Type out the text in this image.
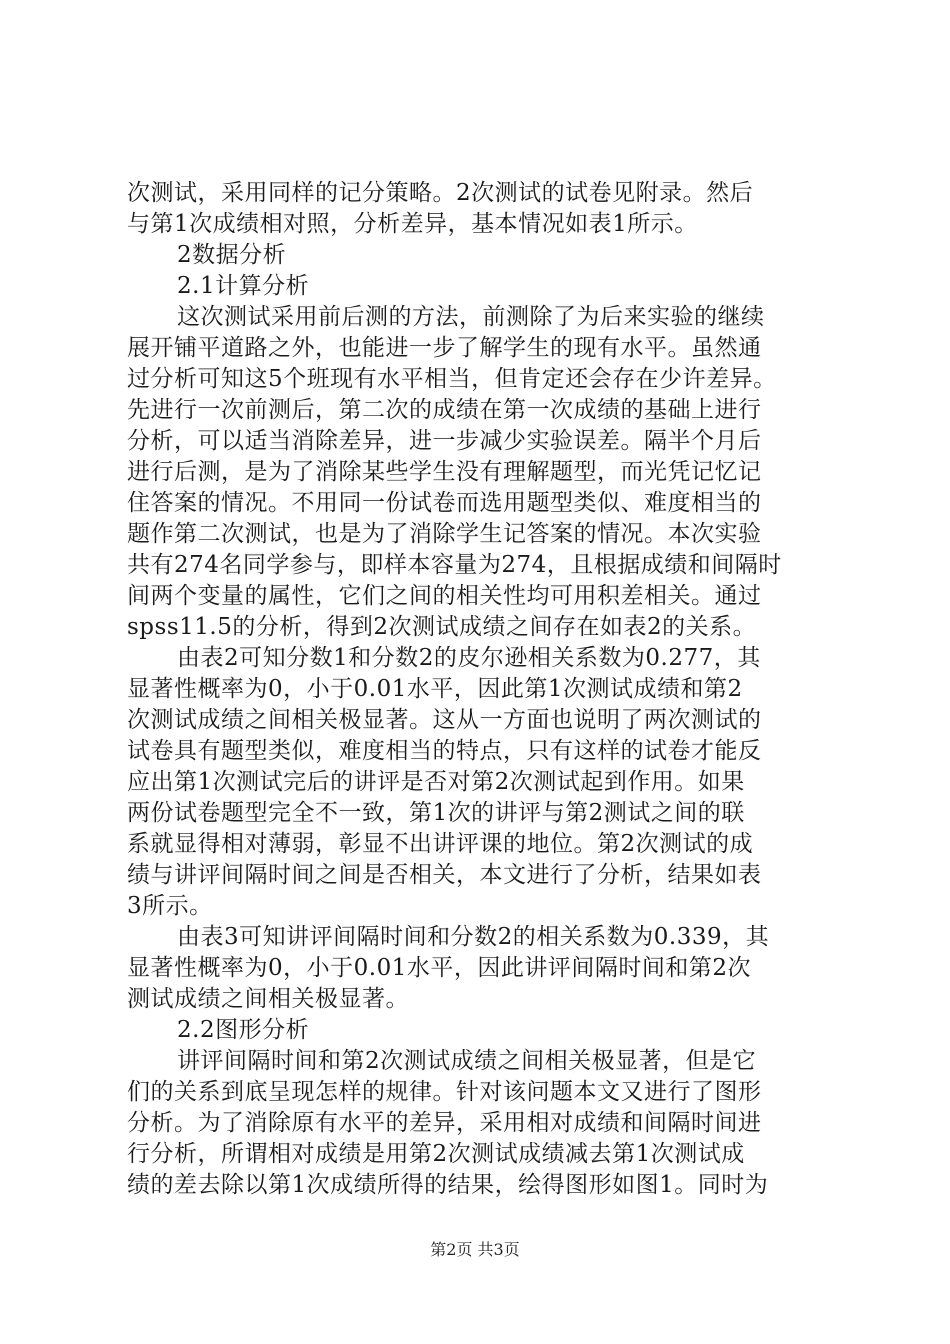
次测试，采用同样的记分策略。2次测试的试卷见附录。然后
与第1次成绩相对照，分析差异，基本情况如表1所示。
2数据分析
2.1计算分析
这次测试采用前后测的方法，前测除了为后来实验的继续
展开铺平道路之外，也能进一步了解学生的现有水平。虽然通
过分析可知这5个班现有水平相当，但肯定还会存在少许差异。
先进行一次前测后，第二次的成绩在第一次成绩的基础上进行
分析，可以适当消除差异，进一步减少实验误差。隔半个月后
进行后测，是为了消除某些学生没有理解题型，而光凭记忆记
住答案的情况。不用同一份试卷而选用题型类似、难度相当的
题作第二次测试，也是为了消除学生记答案的情况。本次实验
共有274名同学参与，即样本容量为274，且根据成绩和间隔时
间两个变量的属性，它们之间的相关性均可用积差相关。通过
spss11.5的分析，得到2次测试成绩之间存在如表2的关系。
由表2可知分数1和分数2的皮尔逊相关系数为0.277，其
显著性概率为0，小于0.01水平，因此第1次测试成绩和第2
次测试成绩之间相关极显著。这从一方面也说明了两次测试的
试卷具有题型类似，难度相当的特点，只有这样的试卷才能反
应出第1次测试完后的讲评是否对第2次测试起到作用。如果
两份试卷题型完全不一致，第1次的讲评与第2测试之间的联
系就显得相对薄弱，彰显不出讲评课的地位。第2次测试的成
绩与讲评间隔时间之间是否相关，本文进行了分析，结果如表
3所示。
由表3可知讲评间隔时间和分数2的相关系数为0.339，其
显著性概率为0，小于0.01水平，因此讲评间隔时间和第2次
测试成绩之间相关极显著。
2.2图形分析
讲评间隔时间和第2次测试成绩之间相关极显著，但是它
们的关系到底呈现怎样的规律。针对该问题本文又进行了图形
分析。为了消除原有水平的差异，采用相对成绩和间隔时间进
行分析，所谓相对成绩是用第2次测试成绩减去第1次测试成
绩的差去除以第1次成绩所得的结果，绘得图形如图1。同时为
第2页 共3页
